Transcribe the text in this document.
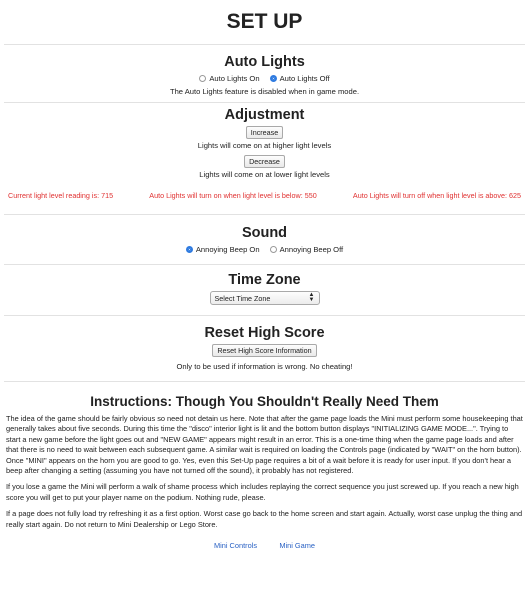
SET UP
Auto Lights
Auto Lights On	Auto Lights Off
The Auto Lights feature is disabled when in game mode.
Adjustment
Increase
Lights will come on at higher light levels
Decrease
Lights will come on at lower light levels
Current light level reading is: 715	Auto Lights will turn on when light level is below: 550	Auto Lights will turn off when light level is above: 625
Sound
Annoying Beep On	Annoying Beep Off
Time Zone
Select Time Zone	▲
▼
Reset High Score
Reset High Score Information
Only to be used if information is wrong. No cheating!
Instructions: Though You Shouldn't Really Need Them

The idea of the game should be fairly obvious so need not detain us here. Note that after the game page loads the Mini must perform some housekeeping that generally takes about five seconds. During this time the "disco" interior light is lit and the bottom button displays "INITIALIZING GAME MODE...". Trying to start a new game before the light goes out and "NEW GAME" appears might result in an error. This is a one-time thing when the game page loads and after that there is no need to wait between each subsequent game. A similar wait is required on loading the Controls page (indicated by "WAIT" on the horn button). Once "MINI" appears on the horn you are good to go. Yes, even this Set-Up page requires a bit of a wait before it is ready for user input. If you don't hear a beep after changing a setting (assuming you have not turned off the sound), it probably has not registered.

If you lose a game the Mini will perform a walk of shame process which includes replaying the correct sequence you just screwed up. If you reach a new high score you will get to put your player name on the podium. Nothing rude, please.

If a page does not fully load try refreshing it as a first option. Worst case go back to the home screen and start again. Actually, worst case unplug the thing and really start again. Do not return to Mini Dealership or Lego Store.

Mini Controls	Mini Game
